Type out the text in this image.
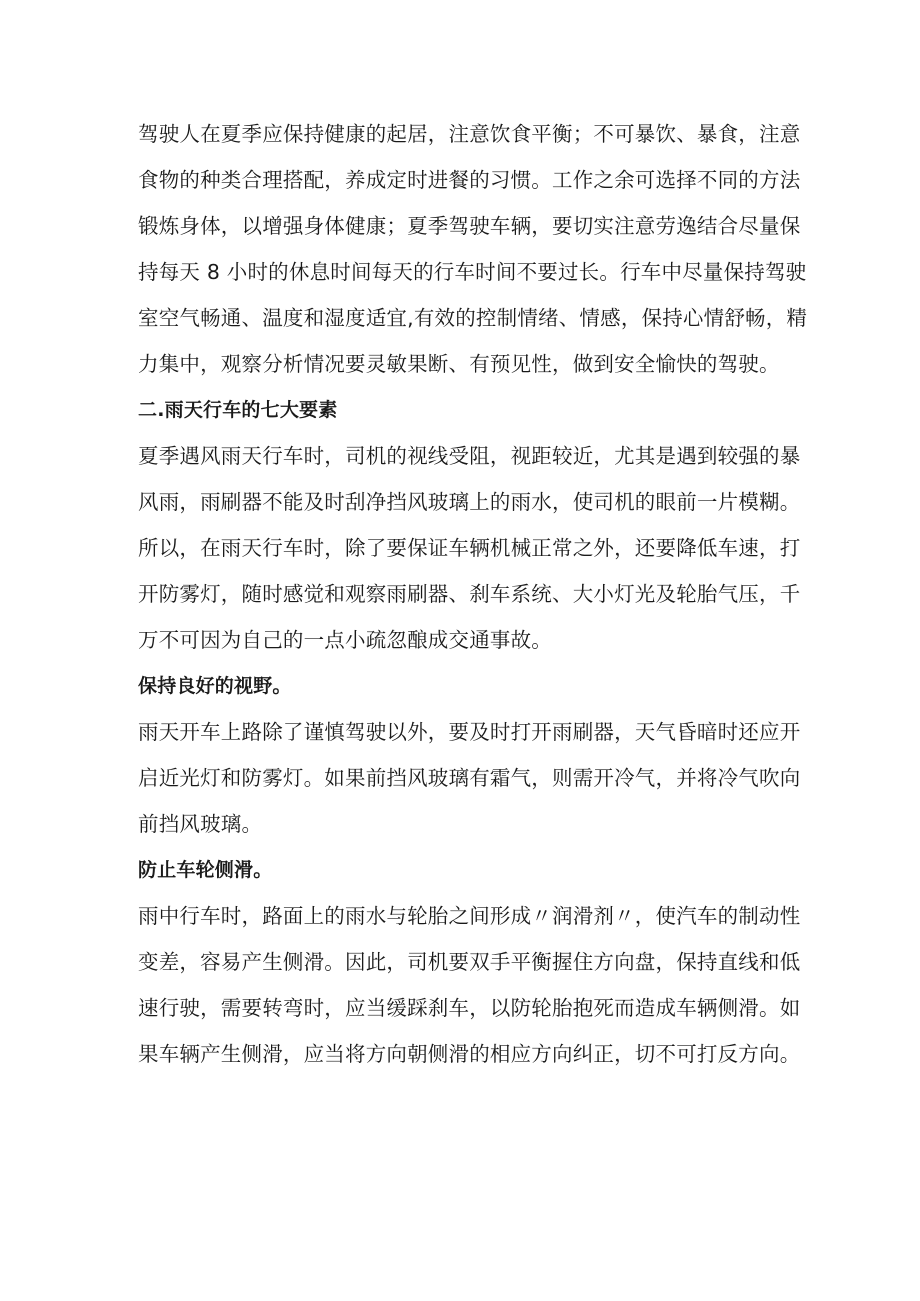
驾驶人在夏季应保持健康的起居，注意饮食平衡；不可暴饮、暴食，注意
食物的种类合理搭配，养成定时进餐的习惯。工作之余可选择不同的方法
锻炼身体，以增强身体健康；夏季驾驶车辆，要切实注意劳逸结合尽量保
持每天 8 小时的休息时间每天的行车时间不要过长。行车中尽量保持驾驶
室空气畅通、温度和湿度适宜,有效的控制情绪、情感，保持心情舒畅，精
力集中，观察分析情况要灵敏果断、有预见性，做到安全愉快的驾驶。
二.雨天行车的七大要素
夏季遇风雨天行车时，司机的视线受阻，视距较近，尤其是遇到较强的暴
风雨，雨刷器不能及时刮净挡风玻璃上的雨水，使司机的眼前一片模糊。
所以，在雨天行车时，除了要保证车辆机械正常之外，还要降低车速，打
开防雾灯，随时感觉和观察雨刷器、刹车系统、大小灯光及轮胎气压，千
万不可因为自己的一点小疏忽酿成交通事故。
保持良好的视野。
雨天开车上路除了谨慎驾驶以外，要及时打开雨刷器，天气昏暗时还应开
启近光灯和防雾灯。如果前挡风玻璃有霜气，则需开冷气，并将冷气吹向
前挡风玻璃。
防止车轮侧滑。
雨中行车时，路面上的雨水与轮胎之间形成〃润滑剂〃，使汽车的制动性
变差，容易产生侧滑。因此，司机要双手平衡握住方向盘，保持直线和低
速行驶，需要转弯时，应当缓踩刹车，以防轮胎抱死而造成车辆侧滑。如
果车辆产生侧滑，应当将方向朝侧滑的相应方向纠正，切不可打反方向。
